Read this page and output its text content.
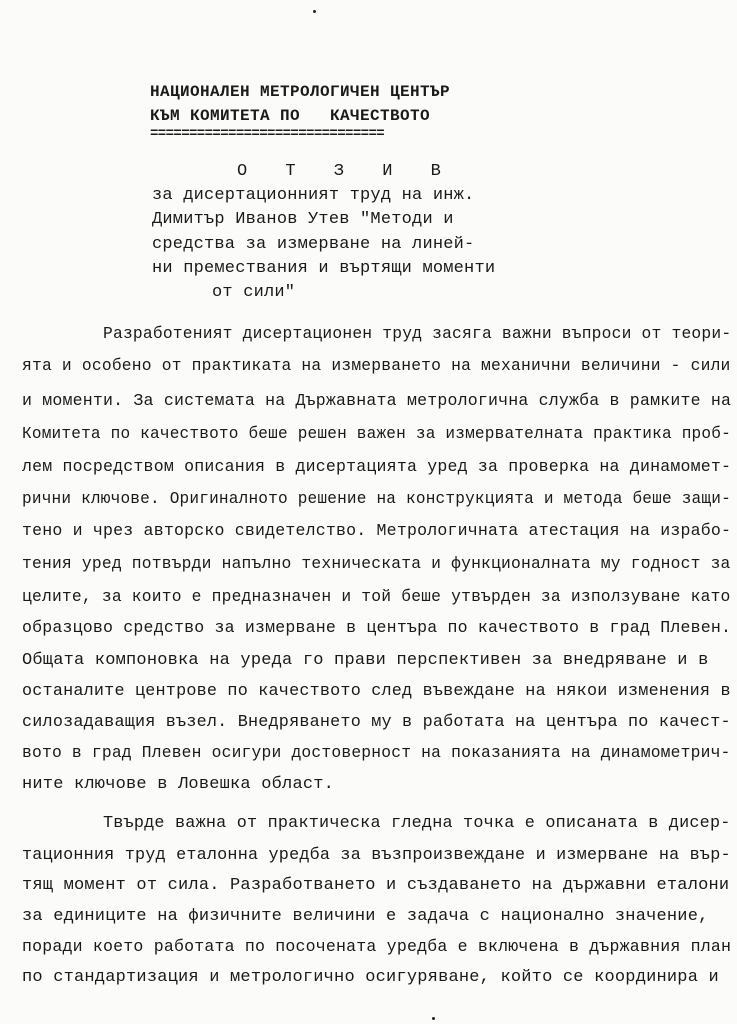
НАЦИОНАЛЕН МЕТРОЛОГИЧЕН ЦЕНТЪР
КЪМ КОМИТЕТА ПО   КАЧЕСТВОТО
==============================
О Т З И В
за дисертационният труд на инж.
Димитър Иванов Утев "Методи и
средства за измерване на линей-
ни премествания и въртящи моменти
от сили"
Разработеният дисертационен труд засяга важни въпроси от теори-
ята и особено от практиката на измерването на механични величини - сили
и моменти. За системата на Държавната метрологична служба в рамките на
Комитета по качеството беше решен важен за измервателната практика проб-
лем посредством описания в дисертацията уред за проверка на динамомет-
рични ключове. Оригиналното решение на конструкцията и метода беше защи-
тено и чрез авторско свидетелство. Метрологичната атестация на изрaбо-
тения уред потвърди напълно техническата и функционалната му годност за
целите, за които е предназначен и той беше утвърден за използуване като
образцово средство за измерване в центъра по качеството в град Плевен.
Общата компоновка на уреда го прави перспективен за внедряване и в
останалите центрове по качеството след въвеждане на някои изменения в
силозадаващия възел. Внедряването му в работата на центъра по качест-
вото в град Плевен осигури достоверност на показанията на динамометрич-
ните ключове в Ловешка област.
Твърде важна от практическа гледна точка е описаната в дисер-
тационния труд еталонна уредба за възпроизвеждане и измерване на вър-
тящ момент от сила. Разработването и създаването на държавни еталони
за единиците на физичните величини е задача с национално значение,
поради което работата по посочената уредба е включена в държавния план
по стандартизация и метрологично осигуряване, който се координира и
